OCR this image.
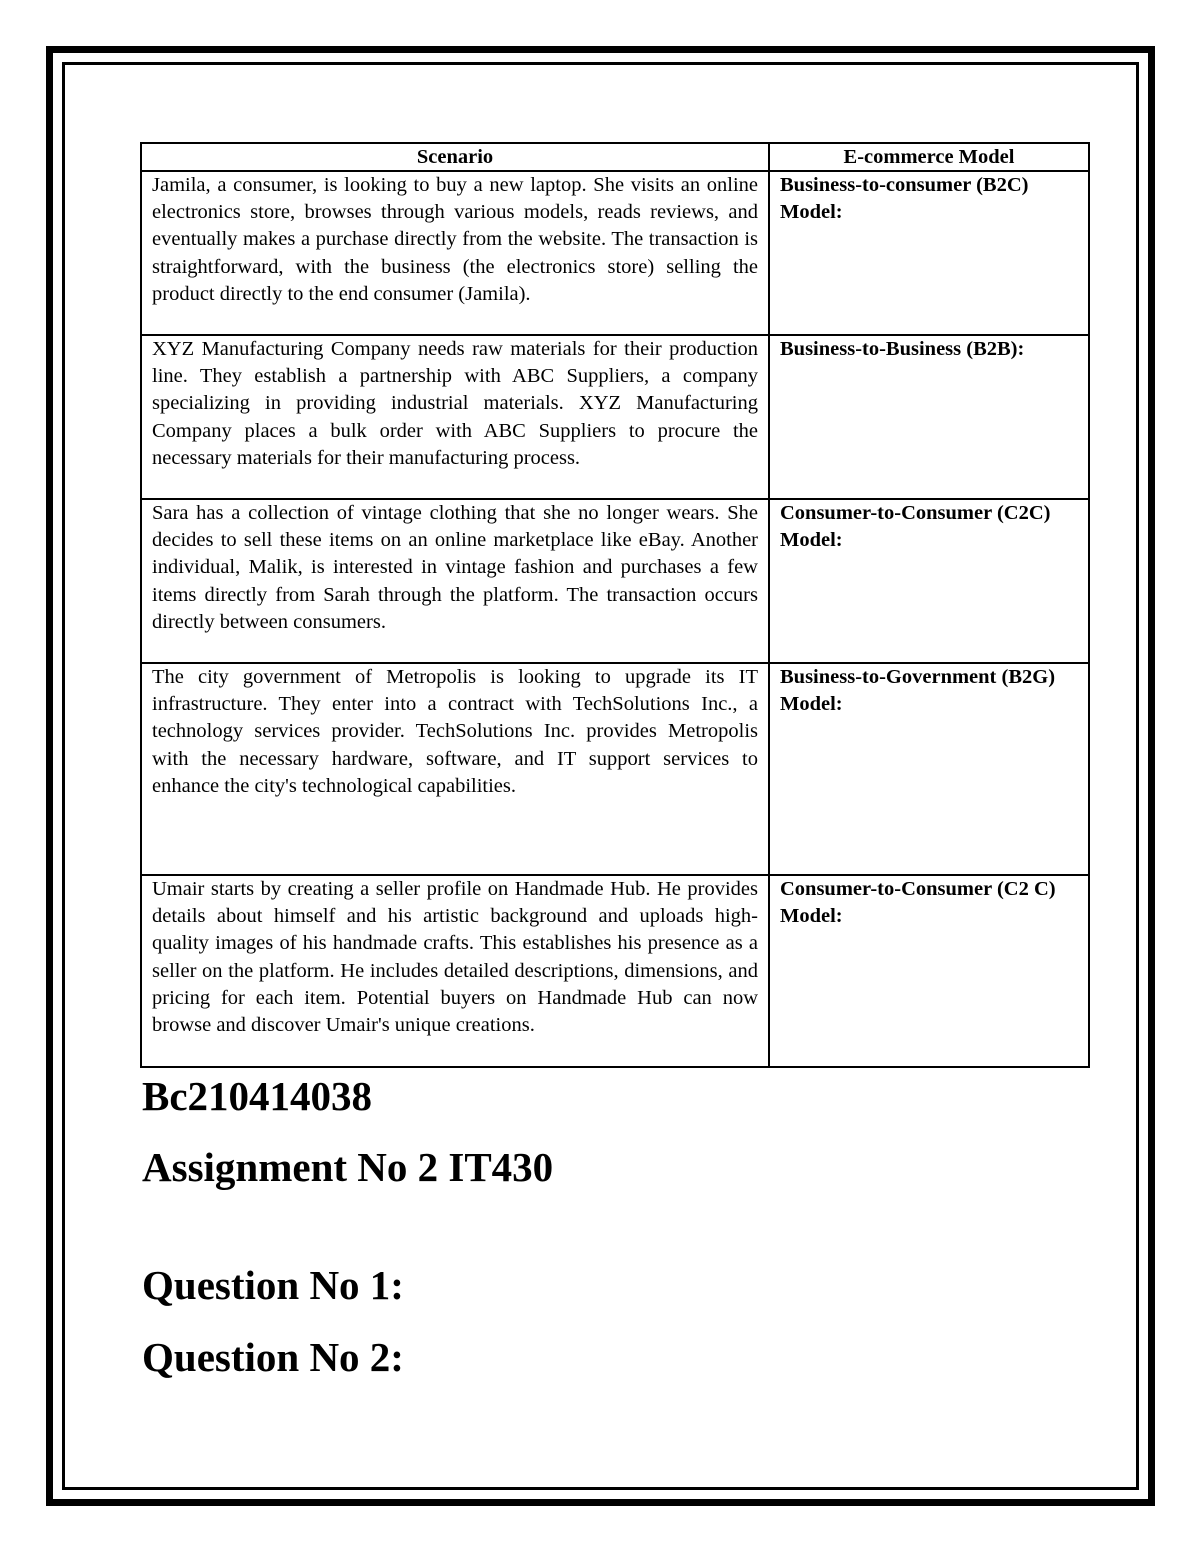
Scenario	E-commerce Model
Jamila, a consumer, is looking to buy a new laptop. She visits an online electronics store, browses through various models, reads reviews, and eventually makes a purchase directly from the website. The transaction is straightforward, with the business (the electronics store) selling the product directly to the end consumer (Jamila).	Business-to-consumer (B2C) Model:
XYZ Manufacturing Company needs raw materials for their production line. They establish a partnership with ABC Suppliers, a company specializing in providing industrial materials. XYZ Manufacturing Company places a bulk order with ABC Suppliers to procure the necessary materials for their manufacturing process.	Business-to-Business (B2B):
Sara has a collection of vintage clothing that she no longer wears. She decides to sell these items on an online marketplace like eBay. Another individual, Malik, is interested in vintage fashion and purchases a few items directly from Sarah through the platform. The transaction occurs directly between consumers.	Consumer-to-Consumer (C2C) Model:
The city government of Metropolis is looking to upgrade its IT infrastructure. They enter into a contract with TechSolutions Inc., a technology services provider. TechSolutions Inc. provides Metropolis with the necessary hardware, software, and IT support services to enhance the city's technological capabilities.	Business-to-Government (B2G) Model:
Umair starts by creating a seller profile on Handmade Hub. He provides details about himself and his artistic background and uploads high-quality images of his handmade crafts. This establishes his presence as a seller on the platform. He includes detailed descriptions, dimensions, and pricing for each item. Potential buyers on Handmade Hub can now browse and discover Umair's unique creations.	Consumer-to-Consumer (C2 C) Model:
Bc210414038
Assignment No 2 IT430
Question No 1:
Question No 2:
